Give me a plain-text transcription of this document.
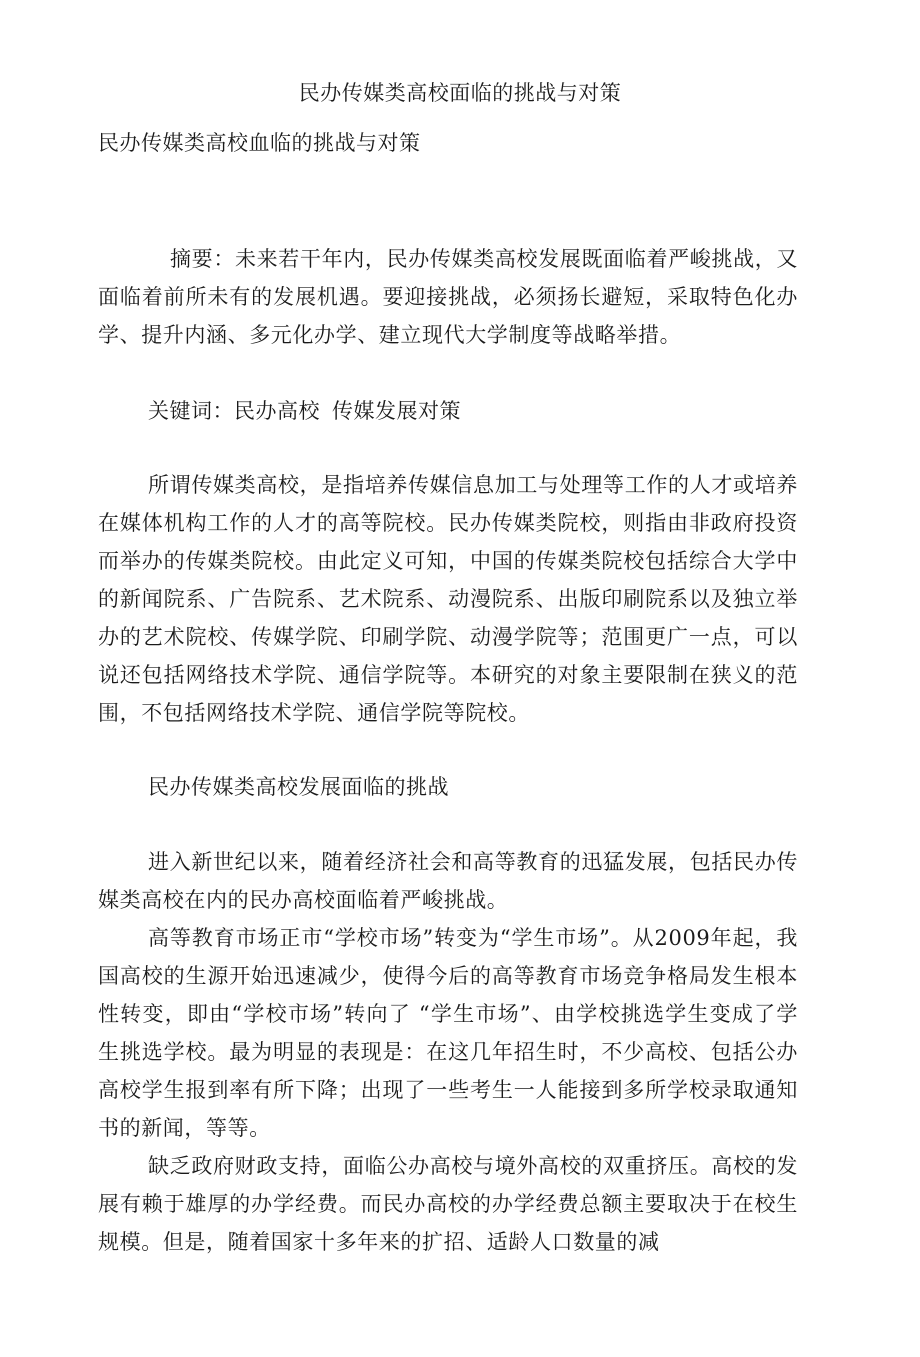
民办传媒类高校面临的挑战与对策
民办传媒类高校血临的挑战与对策

摘要：未来若干年内，民办传媒类高校发展既面临着严峻挑战，又面临着前所未有的发展机遇。要迎接挑战，必须扬长避短，采取特色化办学、提升内涵、多元化办学、建立现代大学制度等战略举措。

关键词：民办高校 传媒发展对策

所谓传媒类高校，是指培养传媒信息加工与处理等工作的人才或培养在媒体机构工作的人才的高等院校。民办传媒类院校，则指由非政府投资而举办的传媒类院校。由此定义可知，中国的传媒类院校包括综合大学中的新闻院系、广告院系、艺术院系、动漫院系、出版印刷院系以及独立举办的艺术院校、传媒学院、印刷学院、动漫学院等；范围更广一点，可以说还包括网络技术学院、通信学院等。本研究的对象主要限制在狭义的范围，不包括网络技术学院、通信学院等院校。

民办传媒类高校发展面临的挑战

进入新世纪以来，随着经济社会和高等教育的迅猛发展，包括民办传媒类高校在内的民办高校面临着严峻挑战。

高等教育市场正市“学校市场”转变为“学生市场”。从2009年起，我国高校的生源开始迅速减少，使得今后的高等教育市场竞争格局发生根本性转变，即由“学校市场”转向了 “学生市场”、由学校挑选学生变成了学生挑选学校。最为明显的表现是：在这几年招生时，不少高校、包括公办高校学生报到率有所下降；出现了一些考生一人能接到多所学校录取通知书的新闻，等等。

缺乏政府财政支持，面临公办高校与境外高校的双重挤压。高校的发展有赖于雄厚的办学经费。而民办高校的办学经费总额主要取决于在校生规模。但是，随着国家十多年来的扩招、适龄人口数量的减
